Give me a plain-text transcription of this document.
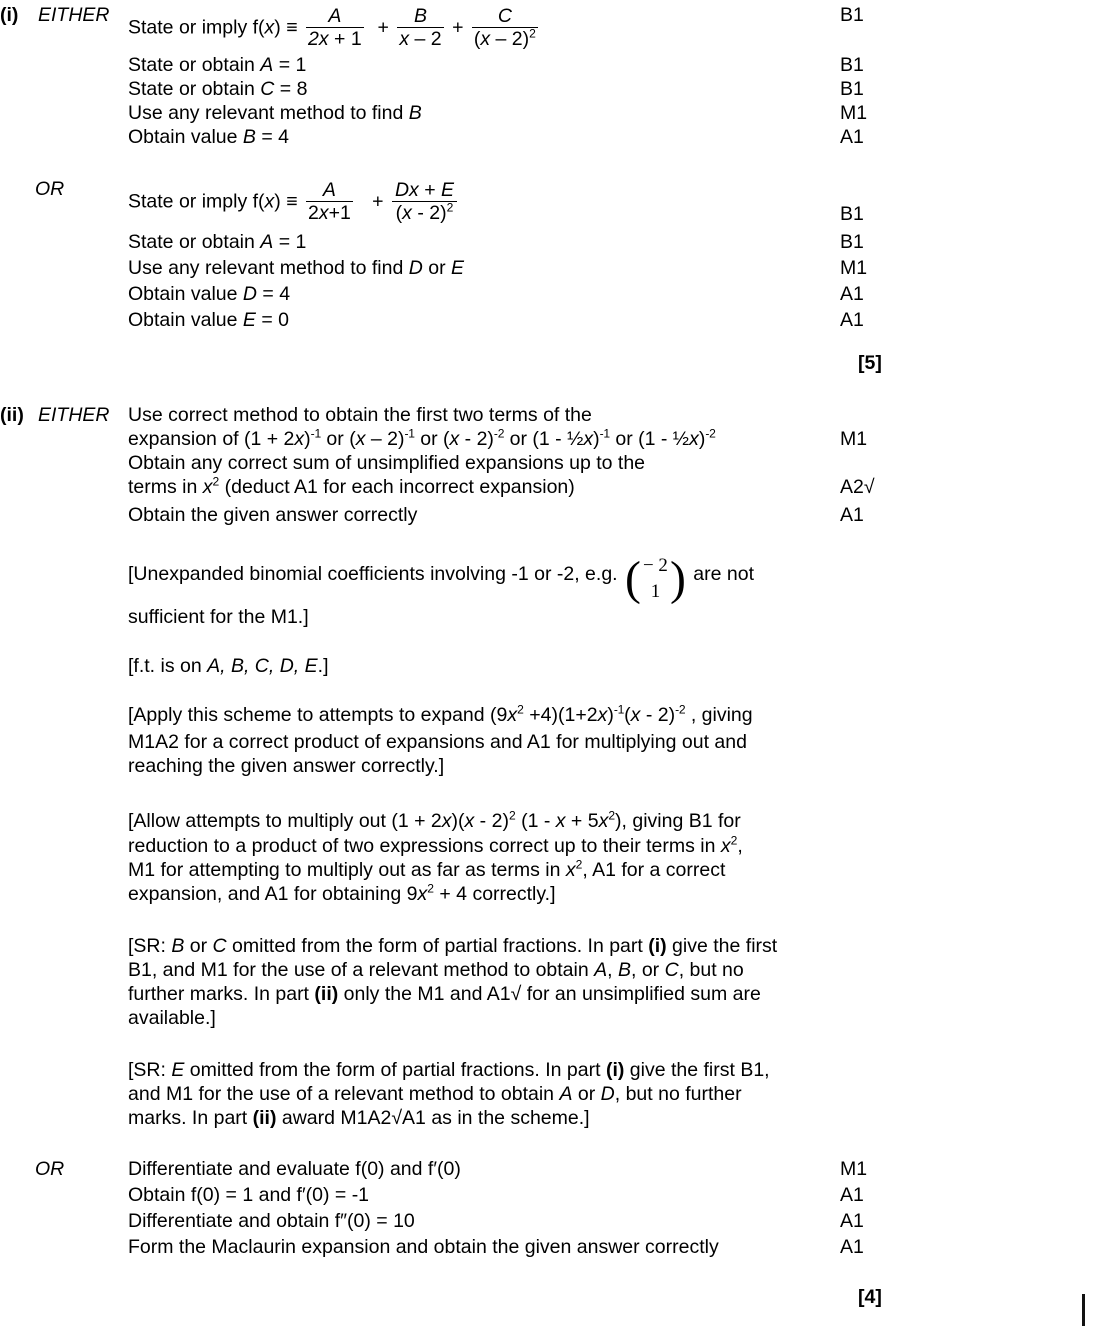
(i) EITHER
State or imply $f(x) \equiv \frac{A}{2x + 1} + \frac{B}{x - 2} + \frac{C}{(x - 2)^2}$	B1
State or obtain A = 1	B1
State or obtain C = 8	B1
Use any relevant method to find B	M1
Obtain value B = 4	A1
OR
State or imply $f(x) \equiv \frac{A}{2x+1} + \frac{Dx + E}{(x - 2)^2}$	B1
State or obtain A = 1	B1
Use any relevant method to find D or E	M1
Obtain value D = 4	A1
Obtain value E = 0	A1
[5]
(ii) EITHER Use correct method to obtain the first two terms of the
expansion of $(1 + 2x)^{-1}$ or (x – 2)$^{-1}$ or (x - 2)$^{-2}$ or (1 - ½x)$^{-1}$ or (1 - ½x)$^{-2}$	M1
Obtain any correct sum of unsimplified expansions up to the
terms in $x^2$ (deduct A1 for each incorrect expansion)	A2√
Obtain the given answer correctly	A1
[Unexpanded binomial coefficients involving -1 or -2, e.g. ( − 2
1 ) are not
sufficient for the M1.]
[f.t. is on A, B, C, D, E.]
[Apply this scheme to attempts to expand $(9x^2 +4)(1+2x)^{-1}(x - 2)^{-2}$ , giving
M1A2 for a correct product of expansions and A1 for multiplying out and
reaching the given answer correctly.]
[Allow attempts to multiply out (1 + 2x)(x - 2)$^2$ $(1 - x + 5x^2)$, giving B1 for
reduction to a product of two expressions correct up to their terms in $x^2$,
M1 for attempting to multiply out as far as terms in $x^2$, A1 for a correct
expansion, and A1 for obtaining $9x^2 + 4$ correctly.]
[SR: B or C omitted from the form of partial fractions. In part (i) give the first
B1, and M1 for the use of a relevant method to obtain A, B, or C, but no
further marks. In part (ii) only the M1 and A1√ for an unsimplified sum are
available.]
[SR: E omitted from the form of partial fractions. In part (i) give the first B1,
and M1 for the use of a relevant method to obtain A or D, but no further
marks. In part (ii) award M1A2√A1 as in the scheme.]
OR	Differentiate and evaluate f(0) and f′(0)	M1
Obtain f(0) = 1 and f′(0) = -1	A1
Differentiate and obtain f″(0) = 10	A1
Form the Maclaurin expansion and obtain the given answer correctly	A1
[4]
